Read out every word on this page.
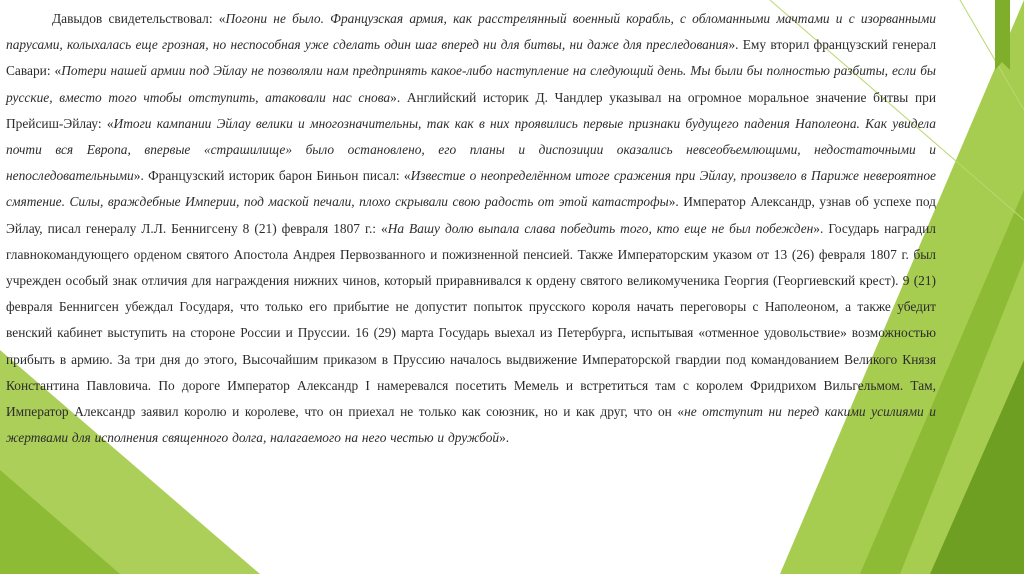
Давыдов свидетельствовал: «Погони не было. Французская армия, как расстрелянный военный корабль, с обломанными мачтами и с изорванными парусами, колыхалась еще грозная, но неспособная уже сделать один шаг вперед ни для битвы, ни даже для преследования». Ему вторил французский генерал Савари: «Потери нашей армии под Эйлау не позволяли нам предпринять какое-либо наступление на следующий день. Мы были бы полностью разбиты, если бы русские, вместо того чтобы отступить, атаковали нас снова». Английский историк Д. Чандлер указывал на огромное моральное значение битвы при Прейсиш-Эйлау: «Итоги кампании Эйлау велики и многозначительны, так как в них проявились первые признаки будущего падения Наполеона. Как увидела почти вся Европа, впервые «страшилище» было остановлено, его планы и диспозиции оказались невсеобъемлющими, недостаточными и непоследовательными». Французский историк барон Биньон писал: «Известие о неопределённом итоге сражения при Эйлау, произвело в Париже невероятное смятение. Силы, враждебные Империи, под маской печали, плохо скрывали свою радость от этой катастрофы». Император Александр, узнав об успехе под Эйлау, писал генералу Л.Л. Беннигсену 8 (21) февраля 1807 г.: «На Вашу долю выпала слава победить того, кто еще не был побежден». Государь наградил главнокомандующего орденом святого Апостола Андрея Первозванного и пожизненной пенсией. Также Императорским указом от 13 (26) февраля 1807 г. был учрежден особый знак отличия для награждения нижних чинов, который приравнивался к ордену святого великомученика Георгия (Георгиевский крест). 9 (21) февраля Беннигсен убеждал Государя, что только его прибытие не допустит попыток прусского короля начать переговоры с Наполеоном, а также убедит венский кабинет выступить на стороне России и Пруссии. 16 (29) марта Государь выехал из Петербурга, испытывая «отменное удовольствие» возможностью прибыть в армию. За три дня до этого, Высочайшим приказом в Пруссию началось выдвижение Императорской гвардии под командованием Великого Князя Константина Павловича. По дороге Император Александр I намеревался посетить Мемель и встретиться там с королем Фридрихом Вильгельмом. Там, Император Александр заявил королю и королеве, что он приехал не только как союзник, но и как друг, что он «не отступит ни перед какими усилиями и жертвами для исполнения священного долга, налагаемого на него честью и дружбой».
